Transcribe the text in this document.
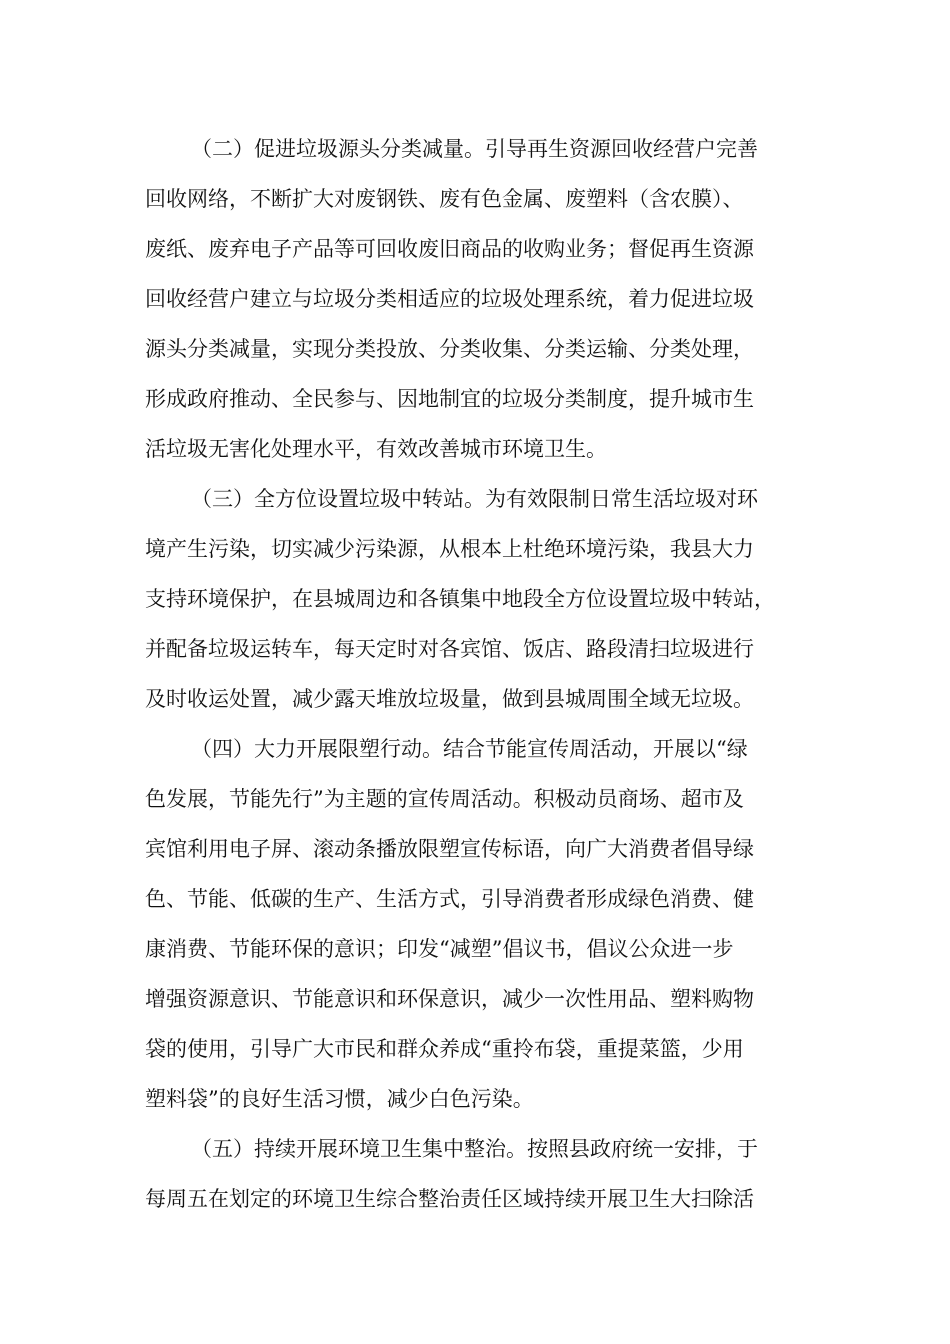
（二）促进垃圾源头分类减量。引导再生资源回收经营户完善
回收网络，不断扩大对废钢铁、废有色金属、废塑料（含农膜）、
废纸、废弃电子产品等可回收废旧商品的收购业务；督促再生资源
回收经营户建立与垃圾分类相适应的垃圾处理系统，着力促进垃圾
源头分类减量，实现分类投放、分类收集、分类运输、分类处理，
形成政府推动、全民参与、因地制宜的垃圾分类制度，提升城市生
活垃圾无害化处理水平，有效改善城市环境卫生。
（三）全方位设置垃圾中转站。为有效限制日常生活垃圾对环
境产生污染，切实减少污染源，从根本上杜绝环境污染，我县大力
支持环境保护，在县城周边和各镇集中地段全方位设置垃圾中转站，
并配备垃圾运转车，每天定时对各宾馆、饭店、路段清扫垃圾进行
及时收运处置，减少露天堆放垃圾量，做到县城周围全域无垃圾。
（四）大力开展限塑行动。结合节能宣传周活动，开展以“绿
色发展，节能先行”为主题的宣传周活动。积极动员商场、超市及
宾馆利用电子屏、滚动条播放限塑宣传标语，向广大消费者倡导绿
色、节能、低碳的生产、生活方式，引导消费者形成绿色消费、健
康消费、节能环保的意识；印发“减塑”倡议书，倡议公众进一步
增强资源意识、节能意识和环保意识，减少一次性用品、塑料购物
袋的使用，引导广大市民和群众养成“重拎布袋，重提菜篮，少用
塑料袋”的良好生活习惯，减少白色污染。
（五）持续开展环境卫生集中整治。按照县政府统一安排，于
每周五在划定的环境卫生综合整治责任区域持续开展卫生大扫除活
